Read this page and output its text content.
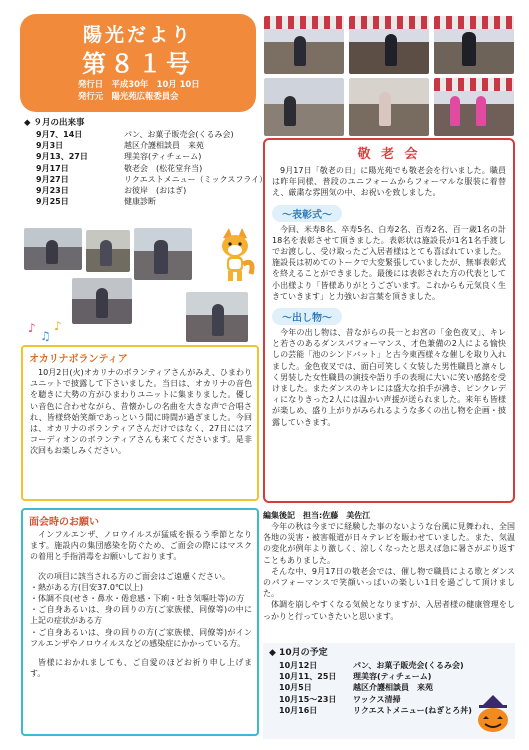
陽光だより
第８１号
発行日　平成30年　10月 10日
発行元　陽光苑広報委員会
◆ ９月の出来事
9月7、14日	パン、お菓子販売会(くるみ会)
9月3日	越区介護相談員　来苑
9月13、27日	理美容(ティチェーム)
9月17日	敬老会　(松花堂弁当)
9月27日	リクエストメニュー（ミックスフライ）
9月23日	お彼岸　(おはぎ)
9月25日	健康診断
♪
♫
♪
敬 老 会

9月17日「敬老の日」に陽光苑でも敬老会を行いました。職員は昨年同様、普段のユニフォームからフォーマルな服装に着替え、厳粛な雰囲気の中、お祝いを致しました。

～表彰式～

今回、米寿8名、卒寿5名、白寿2名、百寿2名、百一歳1名の計18名を表彰させて頂きました。表彰状は施設長が1名1名手渡しでお渡しし、受け取ったご入居者様はとても喜ばれていました。施設長は初めてのトークで大変緊張していましたが、無事表彰式を終えることができました。最後には表彰された方の代表として小出様より「皆様ありがとうございます。これからも元気良く生きていきます」と力強いお言葉を頂きました。

～出し物～

今年の出し物は、昔ながらの長一とお宮の「金色夜叉」、キレと若さのあるダンスパフォーマンス、才色兼備の2人による愉快しの芸能「池のシンドバット」と古今東西様々な催しを取り入れました。金色夜叉では、面白可笑しく女装した男性職員と凛々しく男装した女性職員の演技や語り手の表現に大いに笑い感銘を受けました。またダンスのキレには盛大な拍手が沸き、ピンクレディになりきった2人には温かい声援が送られました。来年も皆様が楽しめ、盛り上がりがみられるような多くの出し物を企画・披露していきます。

オカリナボランティア

10月2日(火)オカリナのボランティアさんがみえ、ひまわりユニットで披露して下さいました。当日は、オカリナの音色を聴きに大勢の方がひまわりユニットに集まりました。優しい音色に合わせながら、昔懐かしの名曲を大きな声で合唱され、皆様終始笑顔であっという間に時間が過ぎました。今回は、オカリナのボランティアさんだけではなく、27日にはアコーディオンのボランティアさんも来てくださいます。是非次回もお楽しみください。

面会時のお願い

インフルエンザ、ノロウイルスが猛威を振るう季節となります。施設内の集団感染を防ぐため、ご面会の際にはマスクの着用と手指消毒をお願いしております。

次の項目に該当される方のご面会はご遠慮ください。

・熱がある方(目安37.0℃以上)

・体調不良(せき・鼻水・倦怠感・下痢・吐き気嘔吐等)の方

・ご自身あるいは、身の回りの方(ご家族様、同僚等)の中に上記の症状がある方

・ご自身あるいは、身の回りの方(ご家族様、同僚等)がインフルエンザやノロウイルスなどの感染症にかかっている方。

皆様におかれましても、ご自愛のほどお祈り申し上げます。

編集後記　担当:佐藤　美佐江

今年の秋は今までに経験した事のないような台風に見舞われ、全国各地の災害・被害報道が日々テレビを賑わせていました。また、気温の変化が例年より激しく、涼しくなったと思えば急に暑さがぶり返すこともありました。

そんな中、9月17日の敬老会では、催し物で職員による歌とダンスのパフォーマンスで笑顔いっぱいの楽しい1日を過ごして頂けました。

体調を崩しやすくなる気候となりますが、入居者様の健康管理をしっかりと行っていきたいと思います。

◆ 10月の予定
10月12日	パン、お菓子販売会(くるみ会)
10月11、25日 理美容(ティチェーム)
10月5日	越区介護相談員　来苑
10月15～23日 ワックス清掃
10月16日	リクエストメニュー(ねぎとろ丼)
